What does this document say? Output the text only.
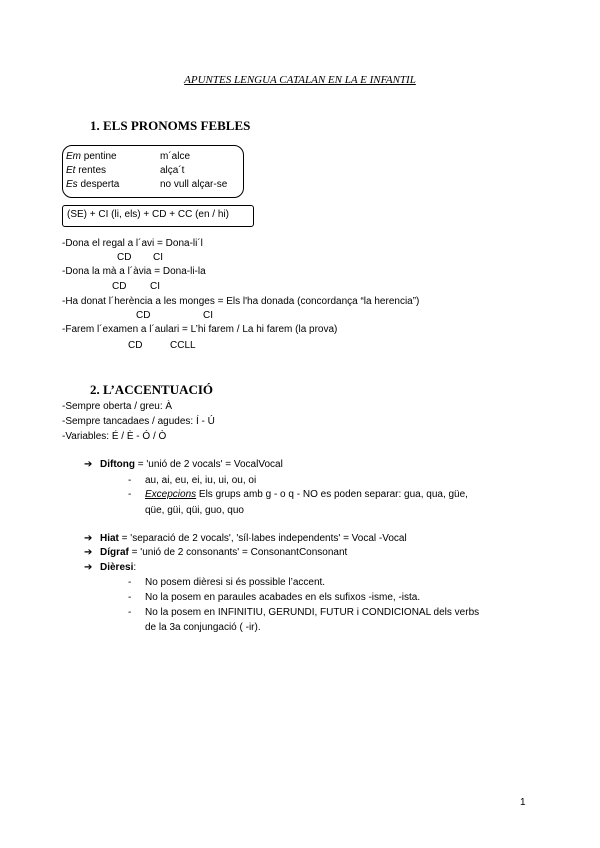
APUNTES LENGUA CATALAN EN LA E INFANTIL
1. ELS PRONOMS FEBLES
Em pentine	m´alce
Et rentes	alça´t
Es desperta	no vull alçar-se
(SE) + CI (li, els) + CD + CC (en / hi)
-Dona el regal a l´avi = Dona-li´l
CD CI
-Dona la mà a l´àvia = Dona-li-la
CD CI
-Ha donat l´herència a les monges = Els l'ha donada (concordança “la herencia”)
CD	CI
-Farem l´examen a l´aulari = L’hi farem / La hi farem (la prova)
CD	CCLL
2. L’ACCENTUACIÓ
-Sempre oberta / greu: À
-Sempre tancadaes / agudes: Í - Ú
-Variables: É / È - Ó / Ò
➔ Diftong = 'unió de 2 vocals' = VocalVocal
- au, ai, eu, ei, iu, ui, ou, oi
- Excepcions Els grups amb g - o q - NO es poden separar: gua, qua, güe,
qüe, güi, qüi, guo, quo
➔ Hiat = 'separació de 2 vocals', 'síl·labes independents' = Vocal -Vocal
➔ Dígraf = 'unió de 2 consonants' = ConsonantConsonant
➔ Dièresi:
- No posem dièresi si és possible l’accent.
- No la posem en paraules acabades en els sufixos -isme, -ista.
- No la posem en INFINITIU, GERUNDI, FUTUR i CONDICIONAL dels verbs
de la 3a conjungació ( -ir).
1
